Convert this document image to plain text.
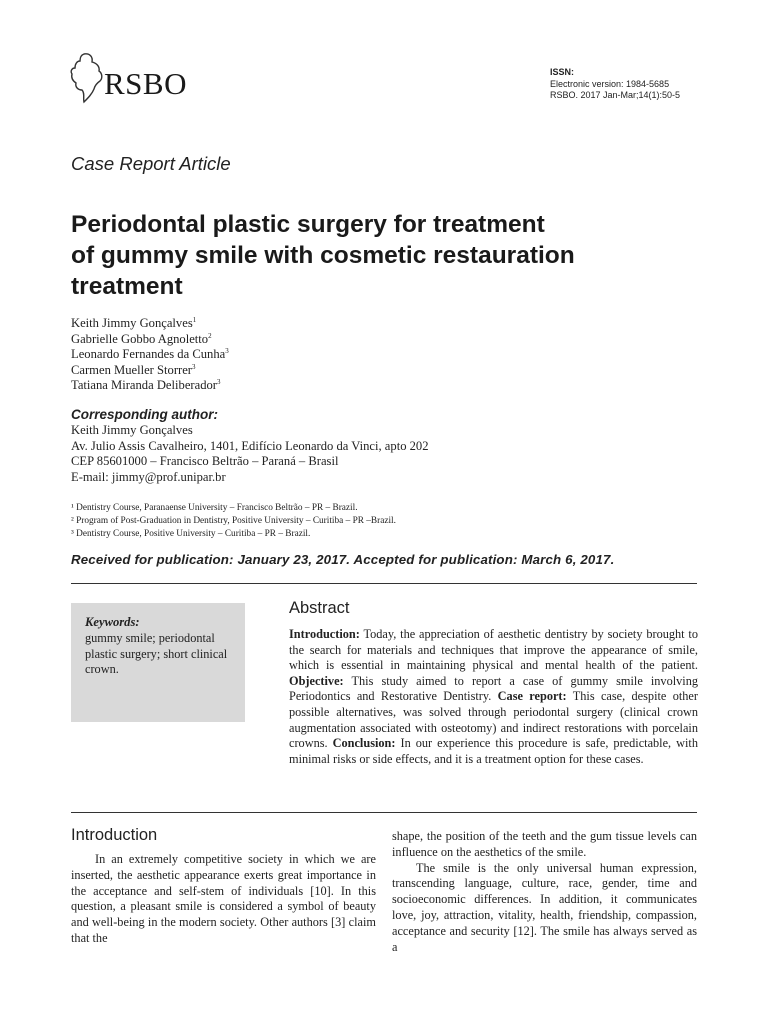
RSBO	ISSN:
Electronic version: 1984-5685
RSBO. 2017 Jan-Mar;14(1):50-5
Case Report Article
Periodontal plastic surgery for treatment
of gummy smile with cosmetic restauration
treatment
Keith Jimmy Gonçalves$^1$
Gabrielle Gobbo Agnoletto$^2$
Leonardo Fernandes da Cunha$^3$
Carmen Mueller Storrer$^3$
Tatiana Miranda Deliberador$^3$
Corresponding author:
Keith Jimmy Gonçalves
Av. Julio Assis Cavalheiro, 1401, Edifício Leonardo da Vinci, apto 202
CEP 85601000 – Francisco Beltrão – Paraná – Brasil
E-mail: jimmy@prof.unipar.br
¹ Dentistry Course, Paranaense University – Francisco Beltrão – PR – Brazil.
² Program of Post-Graduation in Dentistry, Positive University – Curitiba – PR –Brazil.
³ Dentistry Course, Positive University – Curitiba – PR – Brazil.
Received for publication: January 23, 2017. Accepted for publication: March 6, 2017.
Keywords:
gummy smile; periodontal plastic surgery; short clinical crown.
Abstract
Introduction: Today, the appreciation of aesthetic dentistry by society brought to the search for materials and techniques that improve the appearance of smile, which is essential in maintaining physical and mental health of the patient. Objective: This study aimed to report a case of gummy smile involving Periodontics and Restorative Dentistry. Case report: This case, despite other possible alternatives, was solved through periodontal surgery (clinical crown augmentation associated with osteotomy) and indirect restorations with porcelain crowns. Conclusion: In our experience this procedure is safe, predictable, with minimal risks or side effects, and it is a treatment option for these cases.
Introduction

In an extremely competitive society in which we are inserted, the aesthetic appearance exerts great importance in the acceptance and self-stem of individuals [10]. In this question, a pleasant smile is considered a symbol of beauty and well-being in the modern society. Other authors [3] claim that the

shape, the position of the teeth and the gum tissue levels can influence on the aesthetics of the smile.

The smile is the only universal human expression, transcending language, culture, race, gender, time and socioeconomic differences. In addition, it communicates love, joy, attraction, vitality, health, friendship, compassion, acceptance and security [12]. The smile has always served as a
